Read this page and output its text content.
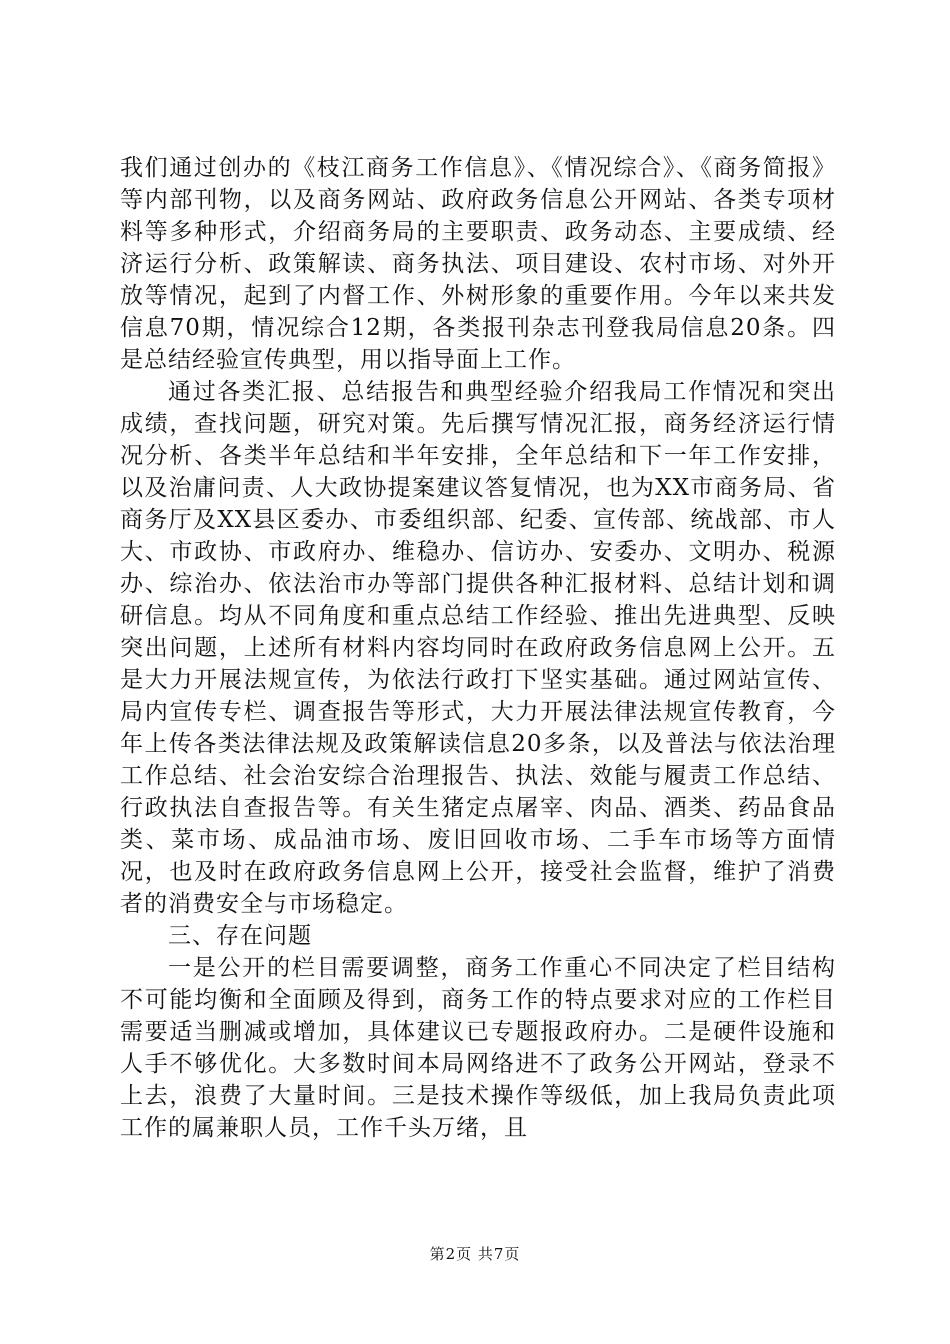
我们通过创办的《枝江商务工作信息》、《情况综合》、《商务简报》等内部刊物，以及商务网站、政府政务信息公开网站、各类专项材料等多种形式，介绍商务局的主要职责、政务动态、主要成绩、经济运行分析、政策解读、商务执法、项目建设、农村市场、对外开放等情况，起到了内督工作、外树形象的重要作用。今年以来共发信息70期，情况综合12期，各类报刊杂志刊登我局信息20条。四是总结经验宣传典型，用以指导面上工作。

通过各类汇报、总结报告和典型经验介绍我局工作情况和突出成绩，查找问题，研究对策。先后撰写情况汇报，商务经济运行情况分析、各类半年总结和半年安排，全年总结和下一年工作安排，以及治庸问责、人大政协提案建议答复情况，也为XX市商务局、省商务厅及XX县区委办、市委组织部、纪委、宣传部、统战部、市人大、市政协、市政府办、维稳办、信访办、安委办、文明办、税源办、综治办、依法治市办等部门提供各种汇报材料、总结计划和调研信息。均从不同角度和重点总结工作经验、推出先进典型、反映突出问题，上述所有材料内容均同时在政府政务信息网上公开。五是大力开展法规宣传，为依法行政打下坚实基础。通过网站宣传、局内宣传专栏、调查报告等形式，大力开展法律法规宣传教育，今年上传各类法律法规及政策解读信息20多条，以及普法与依法治理工作总结、社会治安综合治理报告、执法、效能与履责工作总结、行政执法自查报告等。有关生猪定点屠宰、肉品、酒类、药品食品类、菜市场、成品油市场、废旧回收市场、二手车市场等方面情况，也及时在政府政务信息网上公开，接受社会监督，维护了消费者的消费安全与市场稳定。

三、存在问题

一是公开的栏目需要调整，商务工作重心不同决定了栏目结构不可能均衡和全面顾及得到，商务工作的特点要求对应的工作栏目需要适当删减或增加，具体建议已专题报政府办。二是硬件设施和人手不够优化。大多数时间本局网络进不了政务公开网站，登录不上去，浪费了大量时间。三是技术操作等级低，加上我局负责此项工作的属兼职人员，工作千头万绪，且

第2页 共7页
